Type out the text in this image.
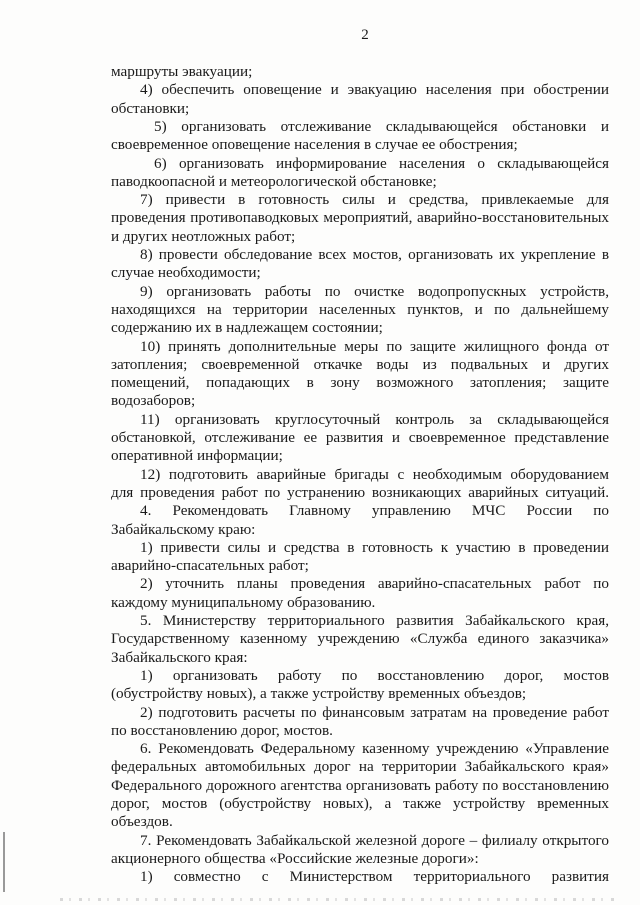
2
маршруты эвакуации;
4) обеспечить оповещение и эвакуацию населения при обострении
обстановки;
5) организовать отслеживание складывающейся обстановки и
своевременное оповещение населения в случае ее обострения;
6) организовать информирование населения о складывающейся
паводкоопасной и метеорологической обстановке;
7) привести в готовность силы и средства, привлекаемые для
проведения противопаводковых мероприятий, аварийно-восстановительных
и других неотложных работ;
8) провести обследование всех мостов, организовать их укрепление в
случае необходимости;
9) организовать работы по очистке водопропускных устройств,
находящихся на территории населенных пунктов, и по дальнейшему
содержанию их в надлежащем состоянии;
10) принять дополнительные меры по защите жилищного фонда от
затопления; своевременной откачке воды из подвальных и других
помещений, попадающих в зону возможного затопления; защите
водозаборов;
11) организовать круглосуточный контроль за складывающейся
обстановкой, отслеживание ее развития и своевременное представление
оперативной информации;
12) подготовить аварийные бригады с необходимым оборудованием
для проведения работ по устранению возникающих аварийных ситуаций.
4. Рекомендовать Главному управлению МЧС России по
Забайкальскому краю:
1) привести силы и средства в готовность к участию в проведении
аварийно-спасательных работ;
2) уточнить планы проведения аварийно-спасательных работ по
каждому муниципальному образованию.
5. Министерству территориального развития Забайкальского края,
Государственному казенному учреждению «Служба единого заказчика»
Забайкальского края:
1) организовать работу по восстановлению дорог, мостов
(обустройству новых), а также устройству временных объездов;
2) подготовить расчеты по финансовым затратам на проведение работ
по восстановлению дорог, мостов.
6. Рекомендовать Федеральному казенному учреждению «Управление
федеральных автомобильных дорог на территории Забайкальского края»
Федерального дорожного агентства организовать работу по восстановлению
дорог, мостов (обустройству новых), а также устройству временных
объездов.
7. Рекомендовать Забайкальской железной дороге – филиалу открытого
акционерного общества «Российские железные дороги»:
1) совместно с Министерством территориального развития
